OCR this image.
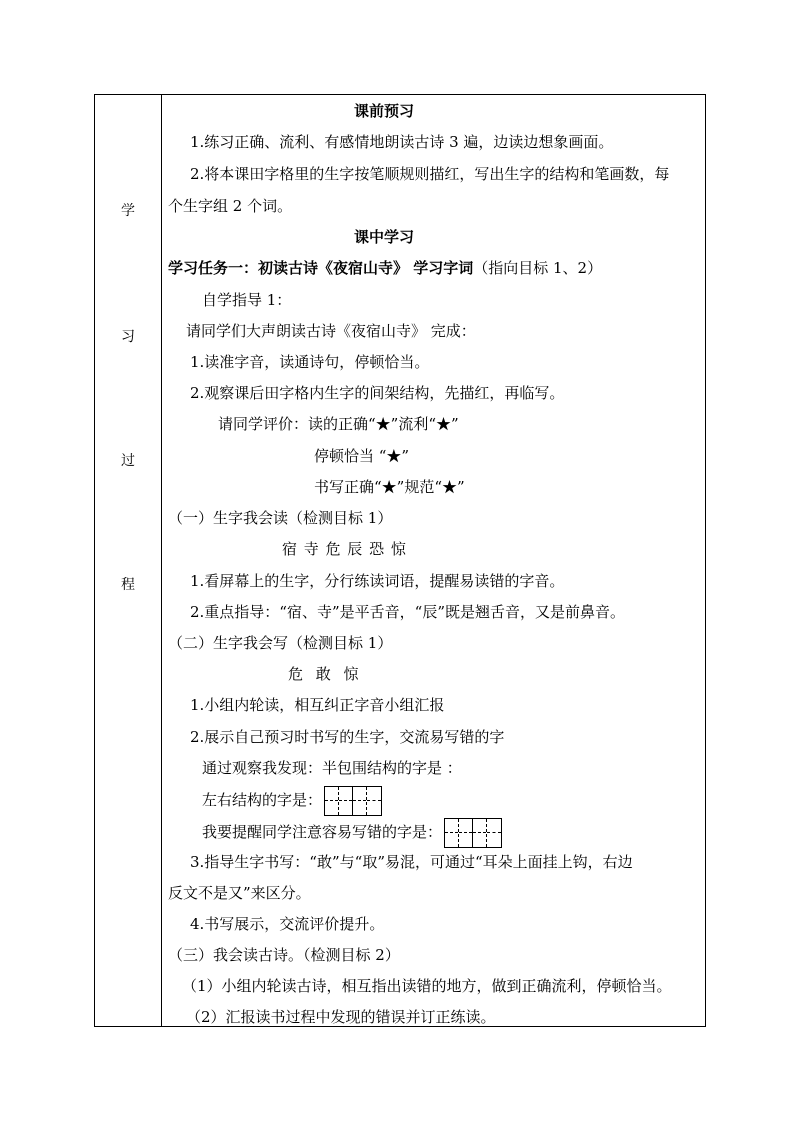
学
习
过
程
课前预习
1.练习正确、流利、有感情地朗读古诗 3 遍，边读边想象画面。
2.将本课田字格里的生字按笔顺规则描红，写出生字的结构和笔画数，每
个生字组 2 个词。
课中学习
学习任务一：初读古诗《夜宿山寺》 学习字词（指向目标 1、2）
自学指导 1：
请同学们大声朗读古诗《夜宿山寺》 完成：
1.读准字音，读通诗句，停顿恰当。
2.观察课后田字格内生字的间架结构，先描红，再临写。
请同学评价：读的正确“★”流利“★”
停顿恰当 “★”
书写正确“★”规范“★”
（一）生字我会读（检测目标 1）
宿 寺 危 辰 恐 惊
1.看屏幕上的生字，分行练读词语，提醒易读错的字音。
2.重点指导：“宿、寺”是平舌音，“辰”既是翘舌音，又是前鼻音。
（二）生字我会写（检测目标 1）
危 敢 惊
1.小组内轮读，相互纠正字音小组汇报
2.展示自己预习时书写的生字，交流易写错的字
通过观察我发现：半包围结构的字是 ：
左右结构的字是：
我要提醒同学注意容易写错的字是：
3.指导生字书写：“敢”与“取”易混，可通过“耳朵上面挂上钩，右边
反文不是又”来区分。
4.书写展示，交流评价提升。
（三）我会读古诗。（检测目标 2）
（1）小组内轮读古诗，相互指出读错的地方，做到正确流利，停顿恰当。
（2）汇报读书过程中发现的错误并订正练读。
